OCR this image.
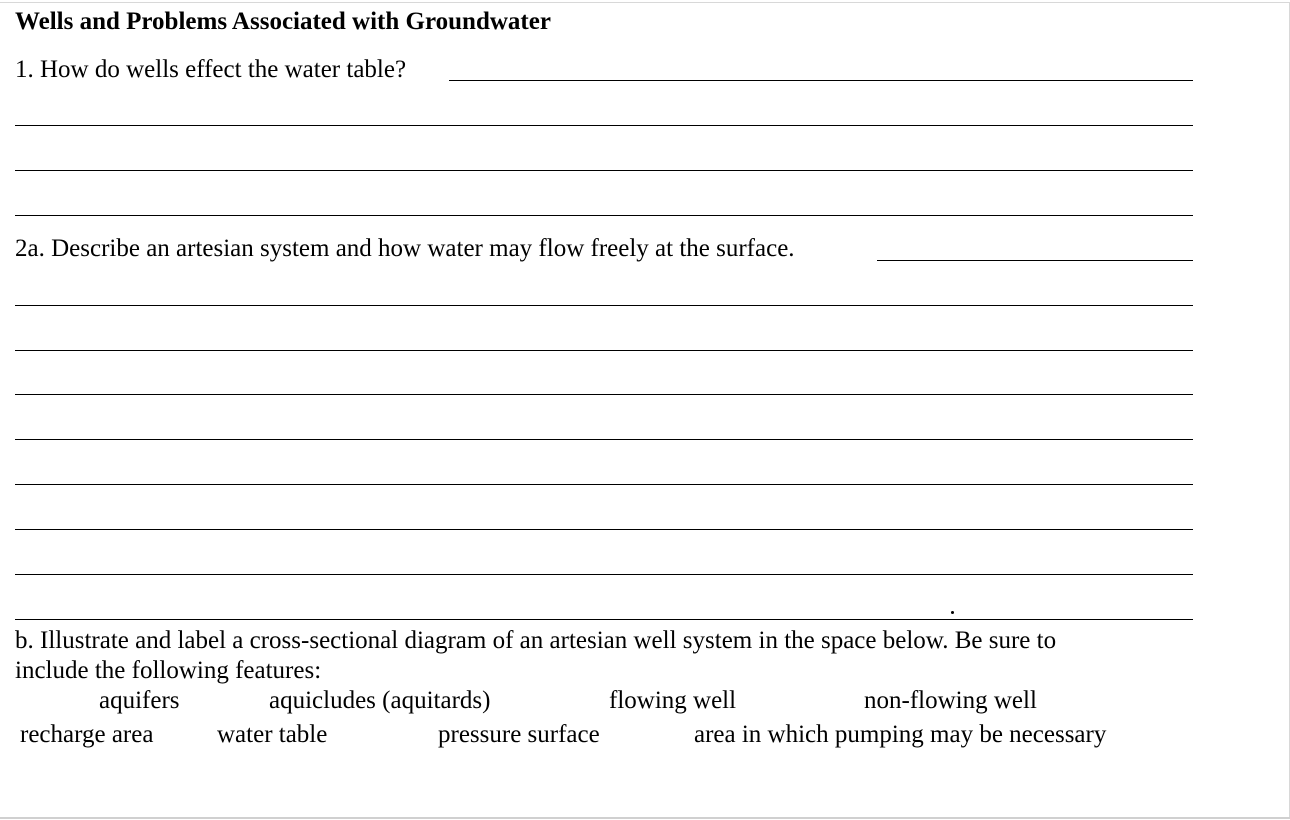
Wells and Problems Associated with Groundwater
1. How do wells effect the water table?
2a. Describe an artesian system and how water may flow freely at the surface.
b. Illustrate and label a cross-sectional diagram of an artesian well system in the space below. Be sure to
include the following features:
aquifers	aquicludes (aquitards)	flowing well	non-flowing well
recharge area	water table	pressure surface	area in which pumping may be necessary
